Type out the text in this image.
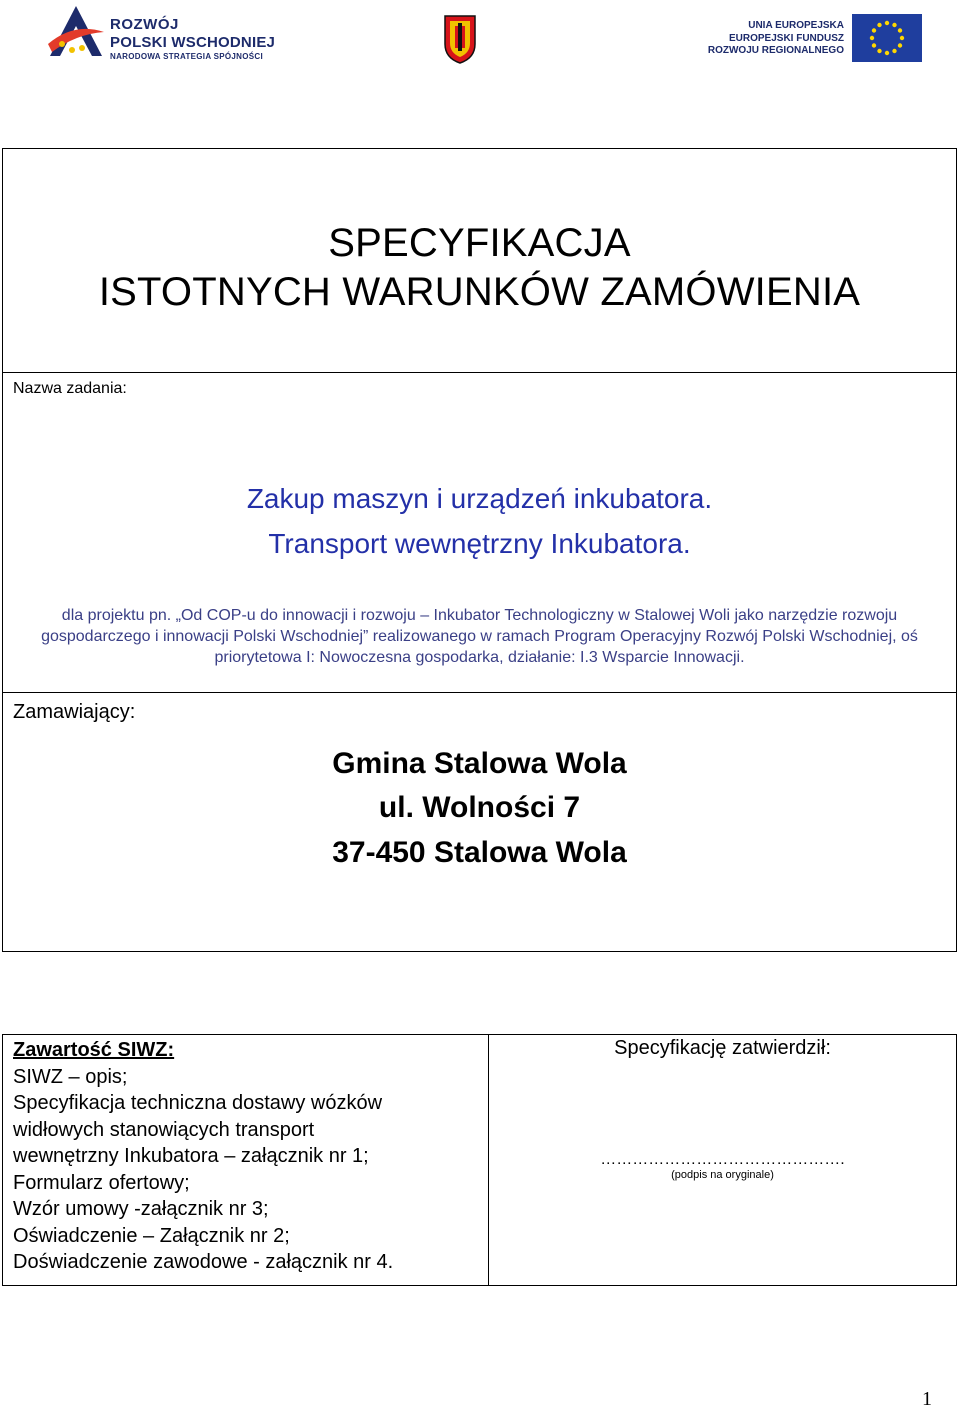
ROZWÓJ
POLSKI WSCHODNIEJ
NARODOWA STRATEGIA SPÓJNOŚCI
UNIA EUROPEJSKA
EUROPEJSKI FUNDUSZ
ROZWOJU REGIONALNEGO
SPECYFIKACJA
ISTOTNYCH WARUNKÓW ZAMÓWIENIA
Nazwa zadania:
Zakup maszyn i urządzeń inkubatora.
Transport wewnętrzny Inkubatora.
dla projektu pn. „Od COP-u do innowacji i rozwoju – Inkubator Technologiczny w Stalowej Woli jako narzędzie rozwoju gospodarczego i innowacji Polski Wschodniej” realizowanego w ramach Program Operacyjny Rozwój Polski Wschodniej, oś priorytetowa I: Nowoczesna gospodarka, działanie: I.3 Wsparcie Innowacji.
Zamawiający:
Gmina Stalowa Wola
ul. Wolności 7
37-450 Stalowa Wola
Zawartość SIWZ:
SIWZ – opis;
Specyfikacja techniczna dostawy wózków
widłowych stanowiących transport
wewnętrzny Inkubatora – załącznik nr 1;
Formularz ofertowy;
Wzór umowy -załącznik nr 3;
Oświadczenie – Załącznik nr 2;
Doświadczenie zawodowe - załącznik nr 4.
Specyfikację zatwierdził:
……………………………………….
(podpis na oryginale)
1
